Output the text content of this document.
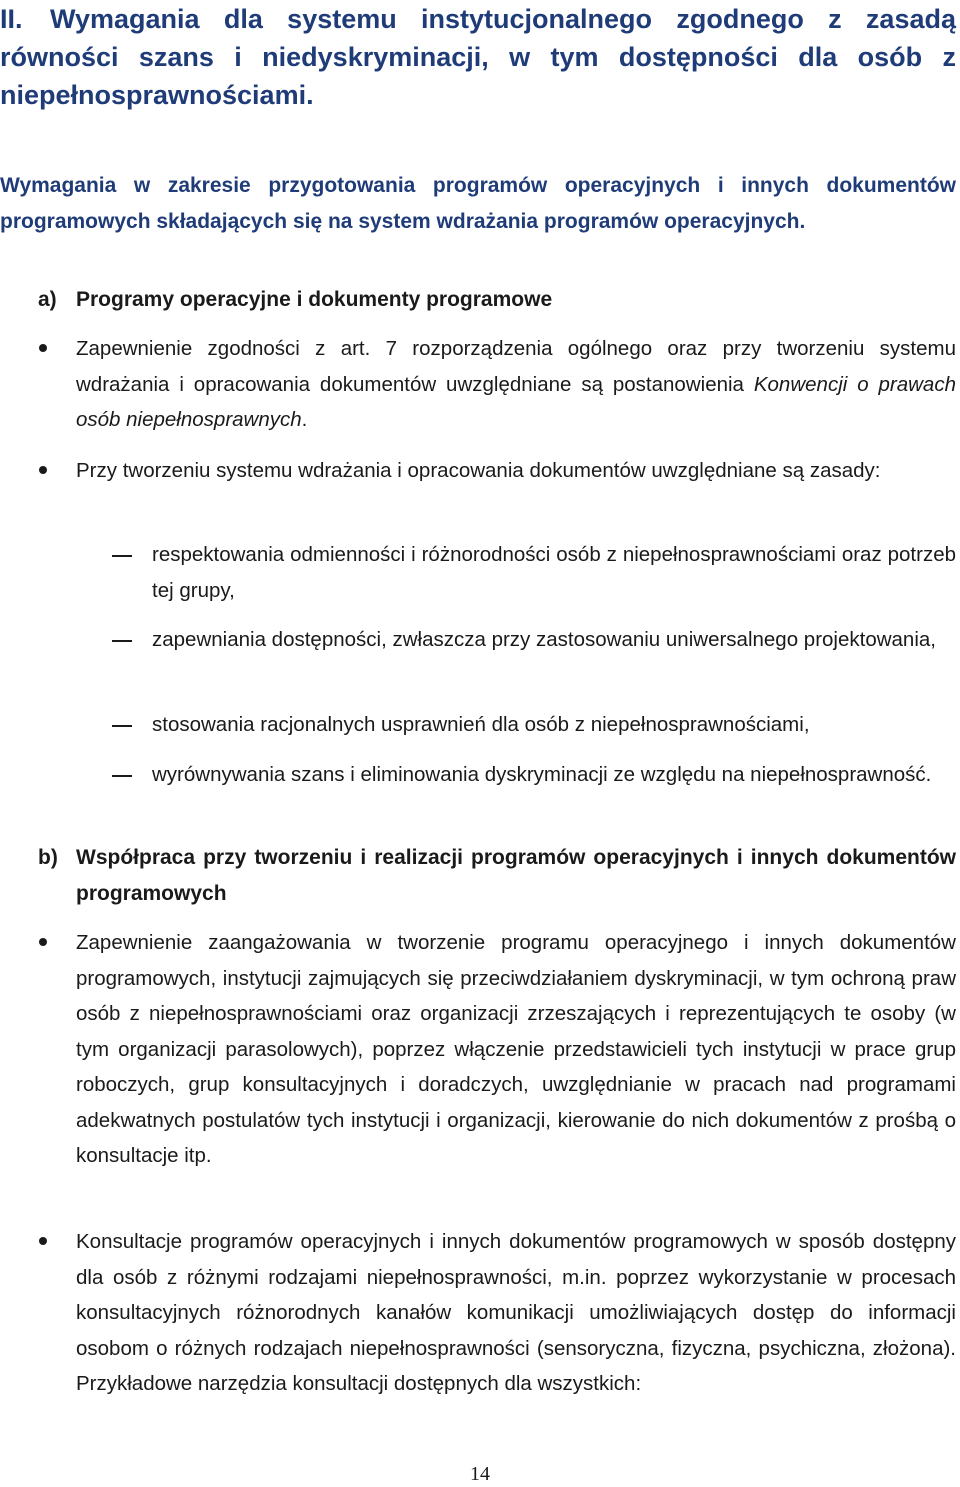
II. Wymagania dla systemu instytucjonalnego zgodnego z zasadą równości szans i niedyskryminacji, w tym dostępności dla osób z niepełnosprawnościami.
Wymagania w zakresie przygotowania programów operacyjnych i innych dokumentów programowych składających się na system wdrażania programów operacyjnych.
a) Programy operacyjne i dokumenty programowe
Zapewnienie zgodności z art. 7 rozporządzenia ogólnego oraz przy tworzeniu systemu wdrażania i opracowania dokumentów uwzględniane są postanowienia Konwencji o prawach osób niepełnosprawnych.
Przy tworzeniu systemu wdrażania i opracowania dokumentów uwzględniane są zasady:
respektowania odmienności i różnorodności osób z niepełnosprawnościami oraz potrzeb tej grupy,
zapewniania dostępności, zwłaszcza przy zastosowaniu uniwersalnego projektowania,
stosowania racjonalnych usprawnień dla osób z niepełnosprawnościami,
wyrównywania szans i eliminowania dyskryminacji ze względu na niepełnosprawność.
b) Współpraca przy tworzeniu i realizacji programów operacyjnych i innych dokumentów programowych
Zapewnienie zaangażowania w tworzenie programu operacyjnego i innych dokumentów programowych, instytucji zajmujących się przeciwdziałaniem dyskryminacji, w tym ochroną praw osób z niepełnosprawnościami oraz organizacji zrzeszających i reprezentujących te osoby (w tym organizacji parasolowych), poprzez włączenie przedstawicieli tych instytucji w prace grup roboczych, grup konsultacyjnych i doradczych, uwzględnianie w pracach nad programami adekwatnych postulatów tych instytucji i organizacji, kierowanie do nich dokumentów z prośbą o konsultacje itp.
Konsultacje programów operacyjnych i innych dokumentów programowych w sposób dostępny dla osób z różnymi rodzajami niepełnosprawności, m.in. poprzez wykorzystanie w procesach konsultacyjnych różnorodnych kanałów komunikacji umożliwiających dostęp do informacji osobom o różnych rodzajach niepełnosprawności (sensoryczna, fizyczna, psychiczna, złożona). Przykładowe narzędzia konsultacji dostępnych dla wszystkich:
14
